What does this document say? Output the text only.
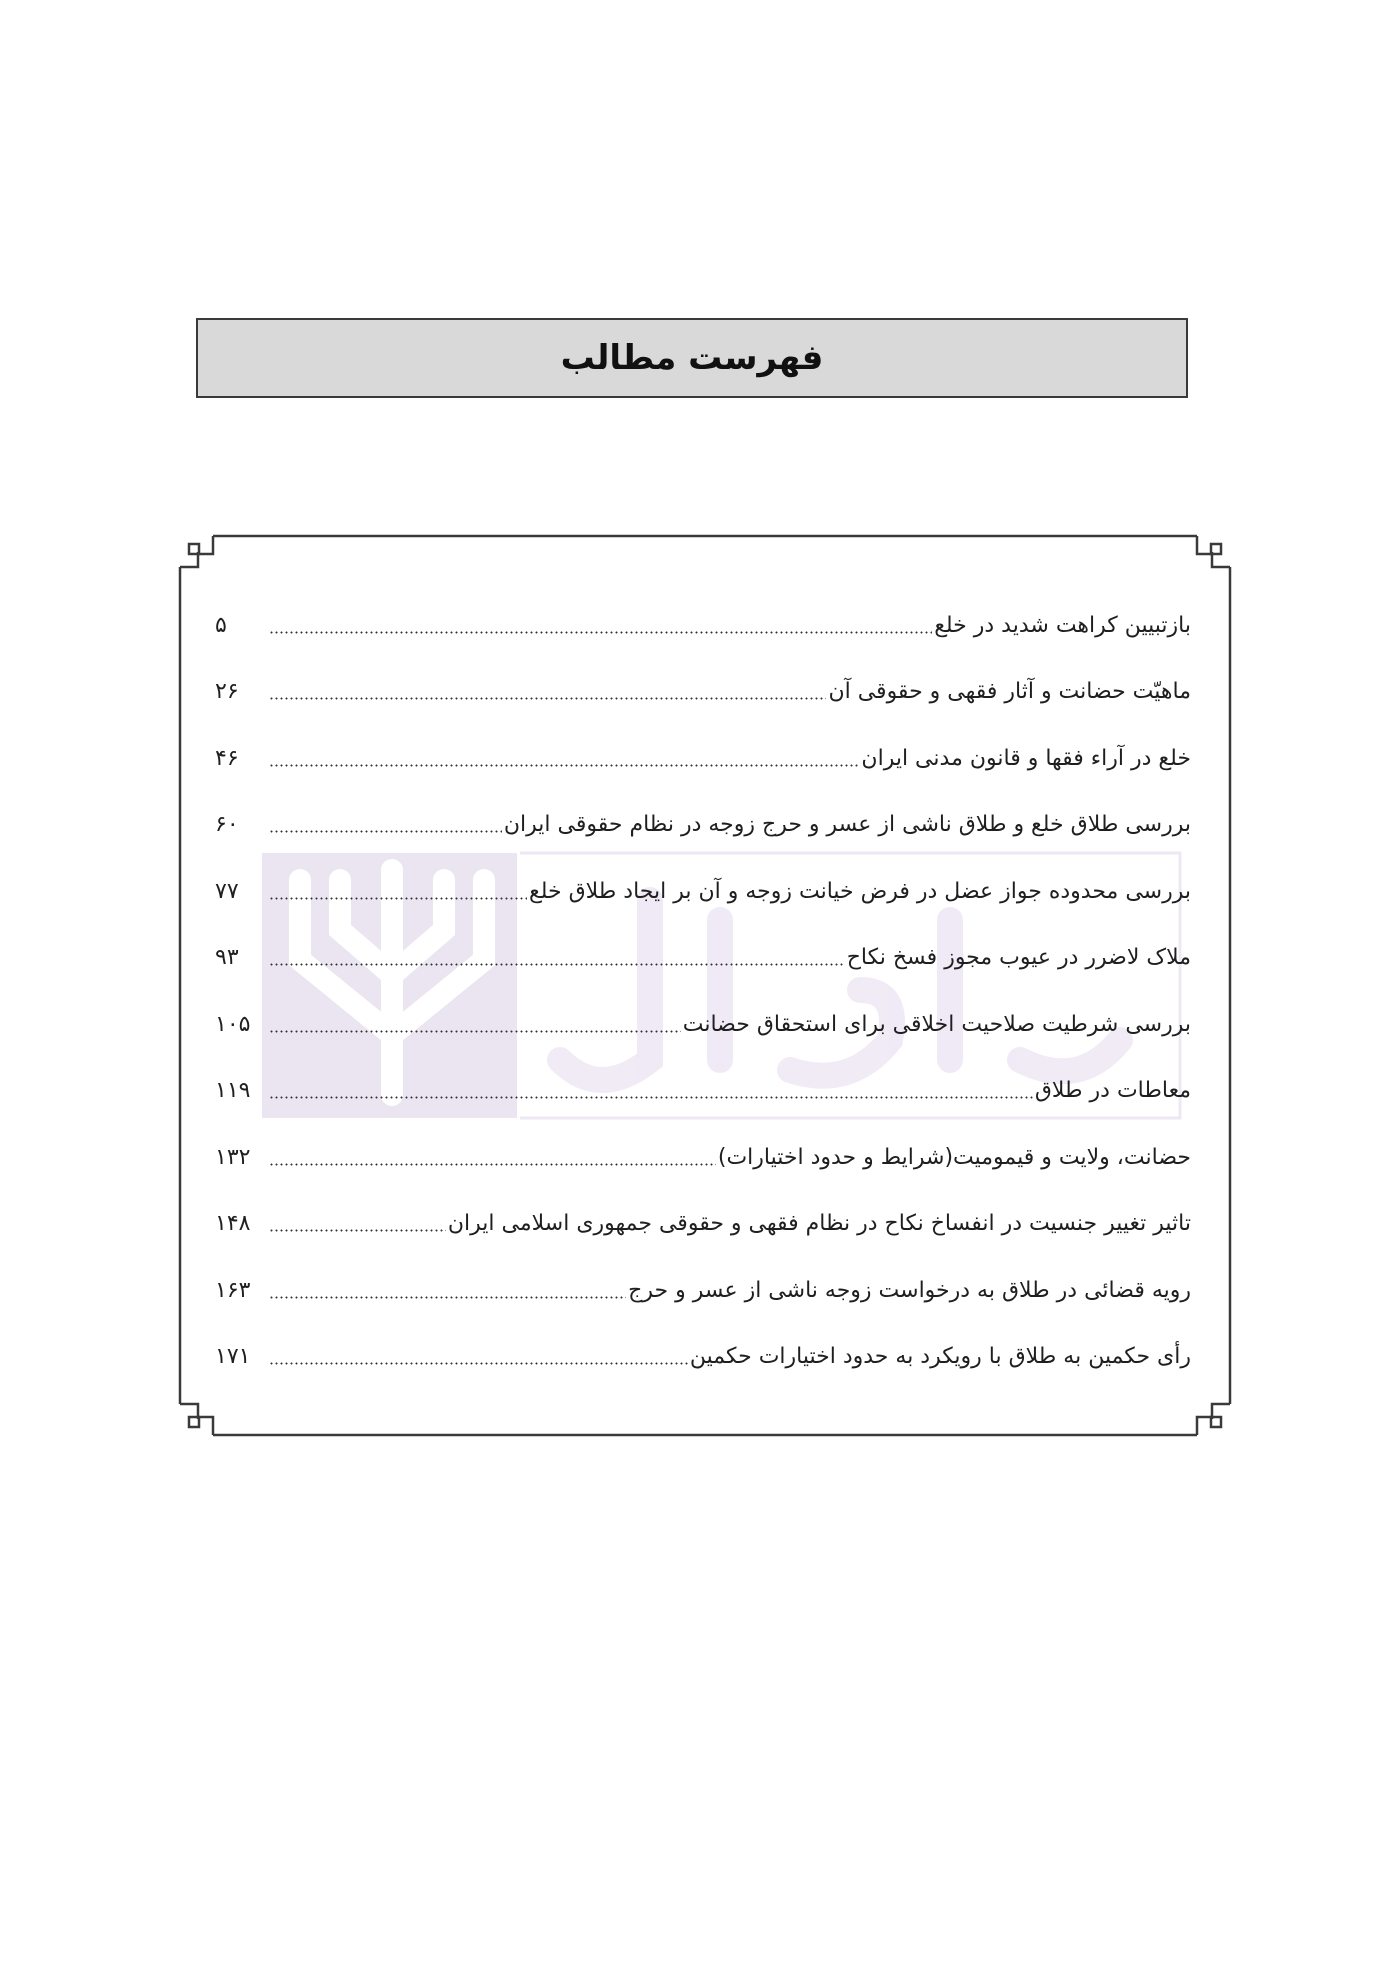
فهرست مطالب
بازتبیین کراهت شدید در خلع
۵
ماهیّت حضانت و آثار فقهی و حقوقی آن
۲۶
خلع در آراء فقها و قانون مدنی ایران
۴۶
بررسی طلاق خلع و طلاق ناشی از عسر و حرج زوجه در نظام حقوقی ایران
۶۰
بررسی محدوده جواز عضل در فرض خیانت زوجه و آن بر ایجاد طلاق خلع
۷۷
ملاک لاضرر در عیوب مجوز فسخ نکاح
۹۳
بررسی شرطیت صلاحیت اخلاقی برای استحقاق حضانت
۱۰۵
معاطات در طلاق
۱۱۹
حضانت، ولایت و قیمومیت(شرایط و حدود اختیارات)
۱۳۲
تاثیر تغییر جنسیت در انفساخ نکاح در نظام فقهی و حقوقی جمهوری اسلامی ایران
۱۴۸
رویه قضائی در طلاق به درخواست زوجه ناشی از عسر و حرج
۱۶۳
رأی حکمین به طلاق با رویکرد به حدود اختیارات حکمین
۱۷۱
